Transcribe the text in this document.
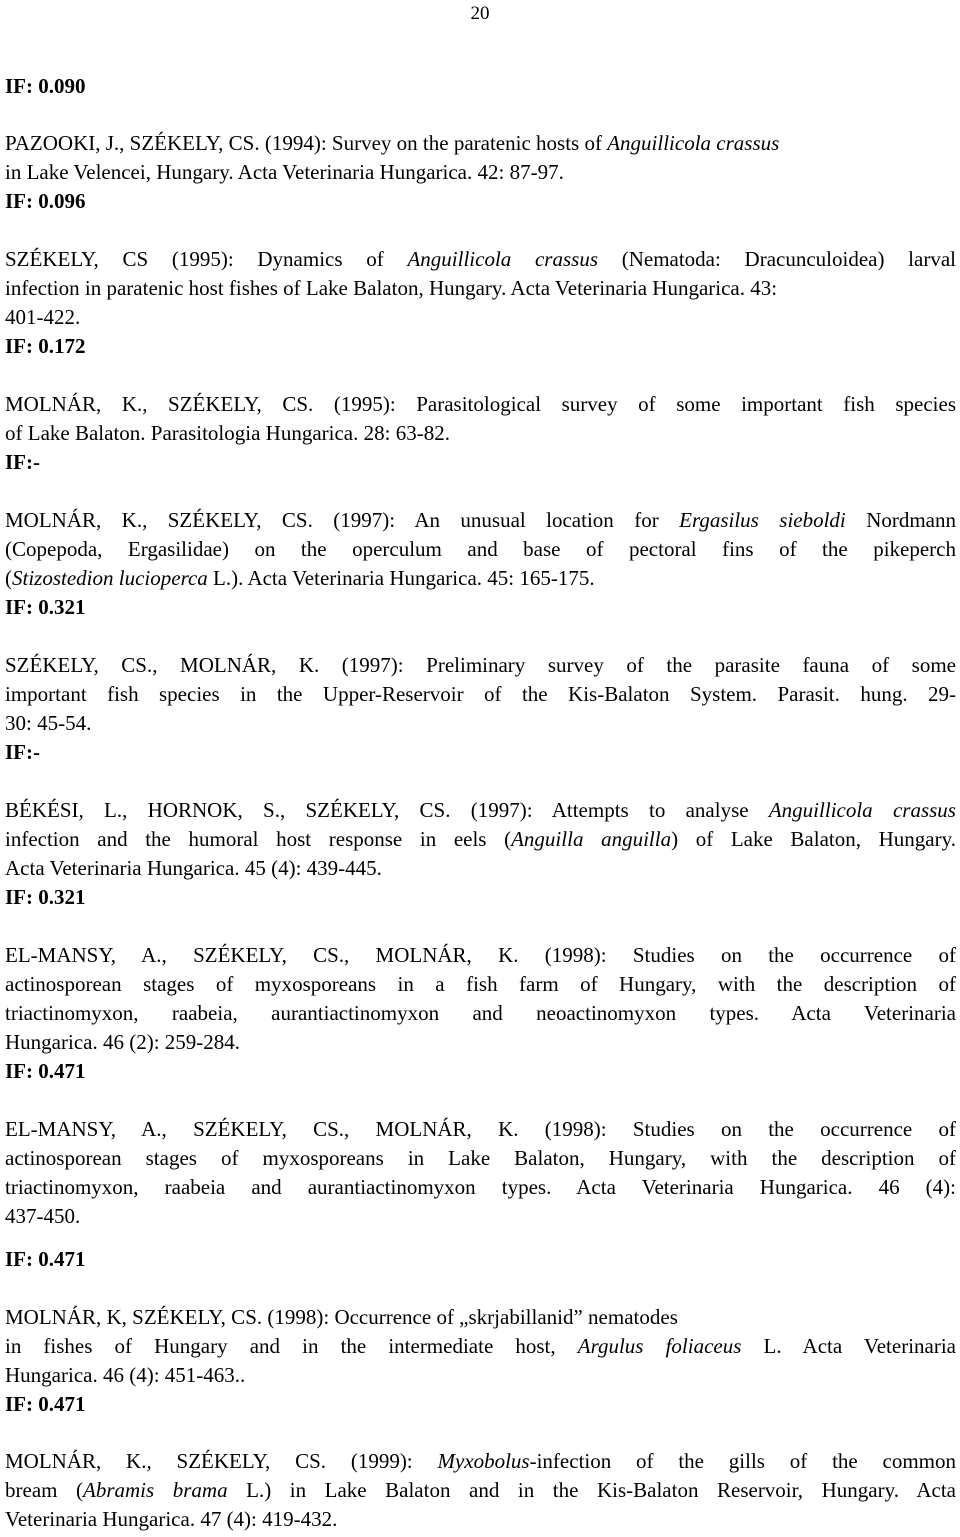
20
IF: 0.090
PAZOOKI, J., SZÉKELY, CS. (1994): Survey on the paratenic hosts of Anguillicola crassus
in Lake Velencei, Hungary. Acta Veterinaria Hungarica. 42: 87-97.
IF: 0.096
SZÉKELY, CS (1995): Dynamics of Anguillicola crassus (Nematoda: Dracunculoidea) larval
infection in paratenic host fishes of Lake Balaton, Hungary. Acta Veterinaria Hungarica. 43:
401-422.
IF: 0.172
MOLNÁR, K., SZÉKELY, CS. (1995): Parasitological survey of some important fish species
of Lake Balaton. Parasitologia Hungarica. 28: 63-82.
IF:-
MOLNÁR, K., SZÉKELY, CS. (1997): An unusual location for Ergasilus sieboldi Nordmann
(Copepoda, Ergasilidae) on the operculum and base of pectoral fins of the pikeperch
(Stizostedion lucioperca L.). Acta Veterinaria Hungarica. 45: 165-175.
IF: 0.321
SZÉKELY, CS., MOLNÁR, K. (1997): Preliminary survey of the parasite fauna of some
important fish species in the Upper-Reservoir of the Kis-Balaton System. Parasit. hung. 29-
30: 45-54.
IF:-
BÉKÉSI, L., HORNOK, S., SZÉKELY, CS. (1997): Attempts to analyse Anguillicola crassus
infection and the humoral host response in eels (Anguilla anguilla) of Lake Balaton, Hungary.
Acta Veterinaria Hungarica. 45 (4): 439-445.
IF: 0.321
EL-MANSY, A., SZÉKELY, CS., MOLNÁR, K. (1998): Studies on the occurrence of
actinosporean stages of myxosporeans in a fish farm of Hungary, with the description of
triactinomyxon, raabeia, aurantiactinomyxon and neoactinomyxon types. Acta Veterinaria
Hungarica. 46 (2): 259-284.
IF: 0.471
EL-MANSY, A., SZÉKELY, CS., MOLNÁR, K. (1998): Studies on the occurrence of
actinosporean stages of myxosporeans in Lake Balaton, Hungary, with the description of
triactinomyxon, raabeia and aurantiactinomyxon types. Acta Veterinaria Hungarica. 46 (4):
437-450.
IF: 0.471
MOLNÁR, K, SZÉKELY, CS. (1998): Occurrence of „skrjabillanid” nematodes
in fishes of Hungary and in the intermediate host, Argulus foliaceus L. Acta Veterinaria
Hungarica. 46 (4): 451-463..
IF: 0.471
MOLNÁR, K., SZÉKELY, CS. (1999): Myxobolus-infection of the gills of the common
bream (Abramis brama L.) in Lake Balaton and in the Kis-Balaton Reservoir, Hungary. Acta
Veterinaria Hungarica. 47 (4): 419-432.
